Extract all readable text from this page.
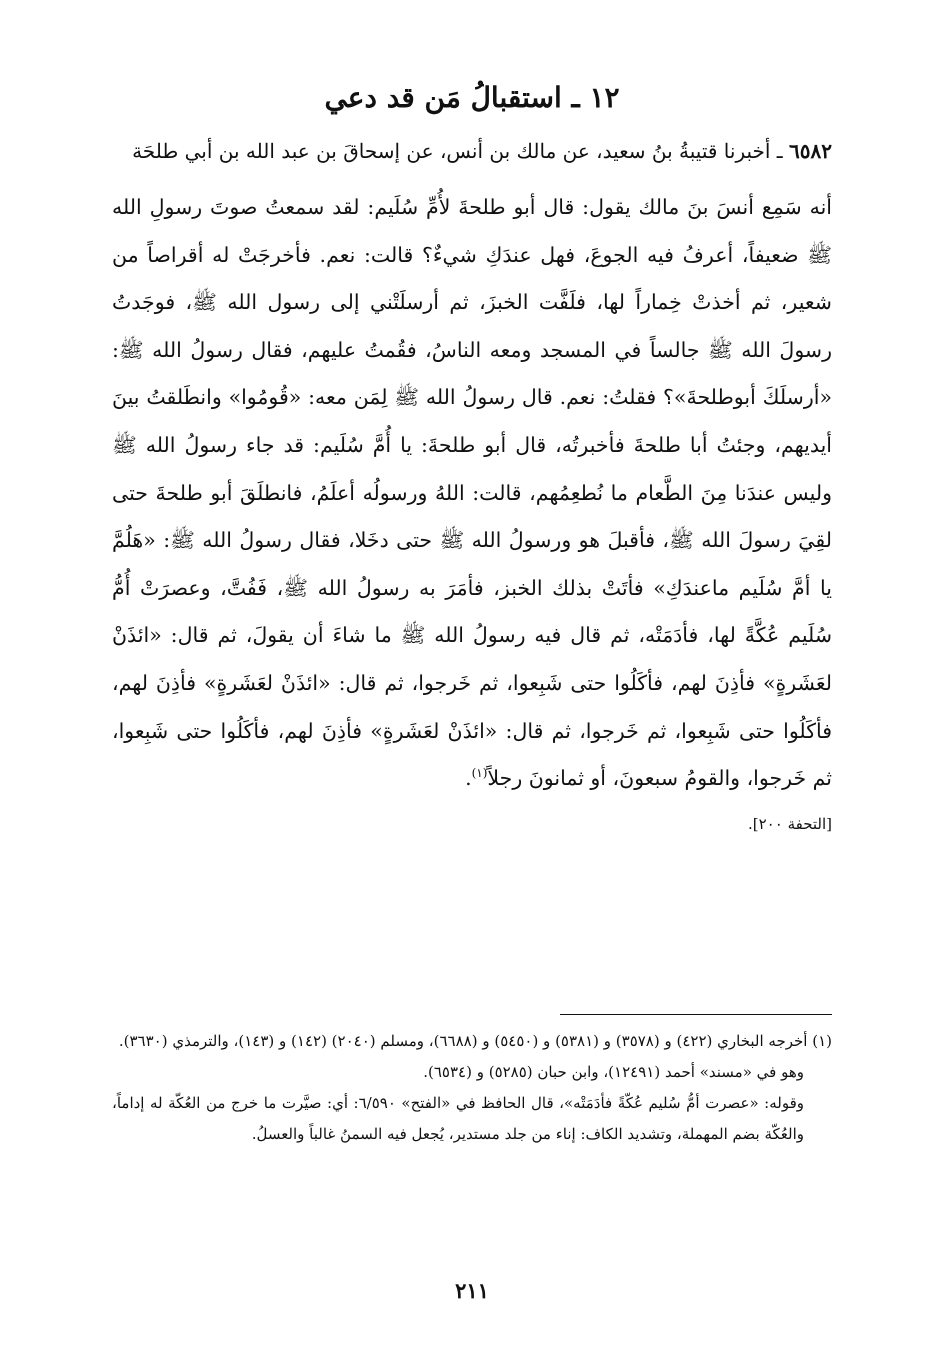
١٢ ـ استقبالُ مَن قد دعي

٦٥٨٢ ـ أخبرنا قتيبةُ بنُ سعيد، عن مالك بن أنس، عن إسحاقَ بن عبد الله بن أبي طلحَة

أنه سَمِع أنسَ بنَ مالك يقول: قال أبو طلحةَ لأُمِّ سُلَيم: لقد سمعتُ صوتَ رسولِ الله ﷺ ضعيفاً، أعرفُ فيه الجوعَ، فهل عندَكِ شيءٌ؟ قالت: نعم. فأخرجَتْ له أقراصاً من شعير، ثم أخذتْ خِماراً لها، فلَفَّت الخبزَ، ثم أرسلَتْني إلى رسول الله ﷺ، فوجَدتُ رسولَ الله ﷺ جالساً في المسجد ومعه الناسُ، فقُمتُ عليهم، فقال رسولُ الله ﷺ: «أرسلَكَ أبوطلحةَ»؟ فقلتُ: نعم. قال رسولُ الله ﷺ لِمَن معه: «قُومُوا» وانطَلقتُ بينَ أيديهم، وجئتُ أبا طلحةَ فأخبرتُه، قال أبو طلحةَ: يا أُمَّ سُلَيم: قد جاء رسولُ الله ﷺ وليس عندَنا مِنَ الطَّعام ما نُطعِمُهم، قالت: اللهُ ورسولُه أعلَمُ، فانطلَقَ أبو طلحةَ حتى لقِيَ رسولَ الله ﷺ، فأقبلَ هو ورسولُ الله ﷺ حتى دخَلا، فقال رسولُ الله ﷺ: «هَلُمَّ يا أمَّ سُلَيم ماعندَكِ» فأتَتْ بذلك الخبز، فأمَرَ به رسولُ الله ﷺ، فَفُتَّ، وعصرَتْ أُمُّ سُلَيم عُكَّةً لها، فأدَمَتْه، ثم قال فيه رسولُ الله ﷺ ما شاءَ أن يقولَ، ثم قال: «ائذَنْ لعَشَرةٍ» فأذِنَ لهم، فأكَلُوا حتى شَبِعوا، ثم خَرجوا، ثم قال: «ائذَنْ لعَشَرةٍ» فأذِنَ لهم، فأكَلُوا حتى شَبِعوا، ثم خَرجوا، ثم قال: «ائذَنْ لعَشَرةٍ» فأذِنَ لهم، فأكَلُوا حتى شَبِعوا، ثم خَرجوا، والقومُ سبعونَ، أو ثمانونَ رجلاً$^{(١)}$.

[التحفة ٢٠٠].

(١) أخرجه البخاري (٤٢٢) و (٣٥٧٨) و (٥٣٨١) و (٥٤٥٠) و (٦٦٨٨)، ومسلم (٢٠٤٠) (١٤٢) و (١٤٣)، والترمذي (٣٦٣٠).

وهو في «مسند» أحمد (١٢٤٩١)، وابن حبان (٥٢٨٥) و (٦٥٣٤).

وقوله: «عصرت أمُّ سُليم عُكّةً فأدَمَتْه»، قال الحافظ في «الفتح» ٦/٥٩٠: أي: صيَّرت ما خرج من العُكّة له إداماً، والعُكّة بضم المهملة، وتشديد الكاف: إناء من جلد مستدير، يُجعل فيه السمنُ غالباً والعسلُ.

٢١١
